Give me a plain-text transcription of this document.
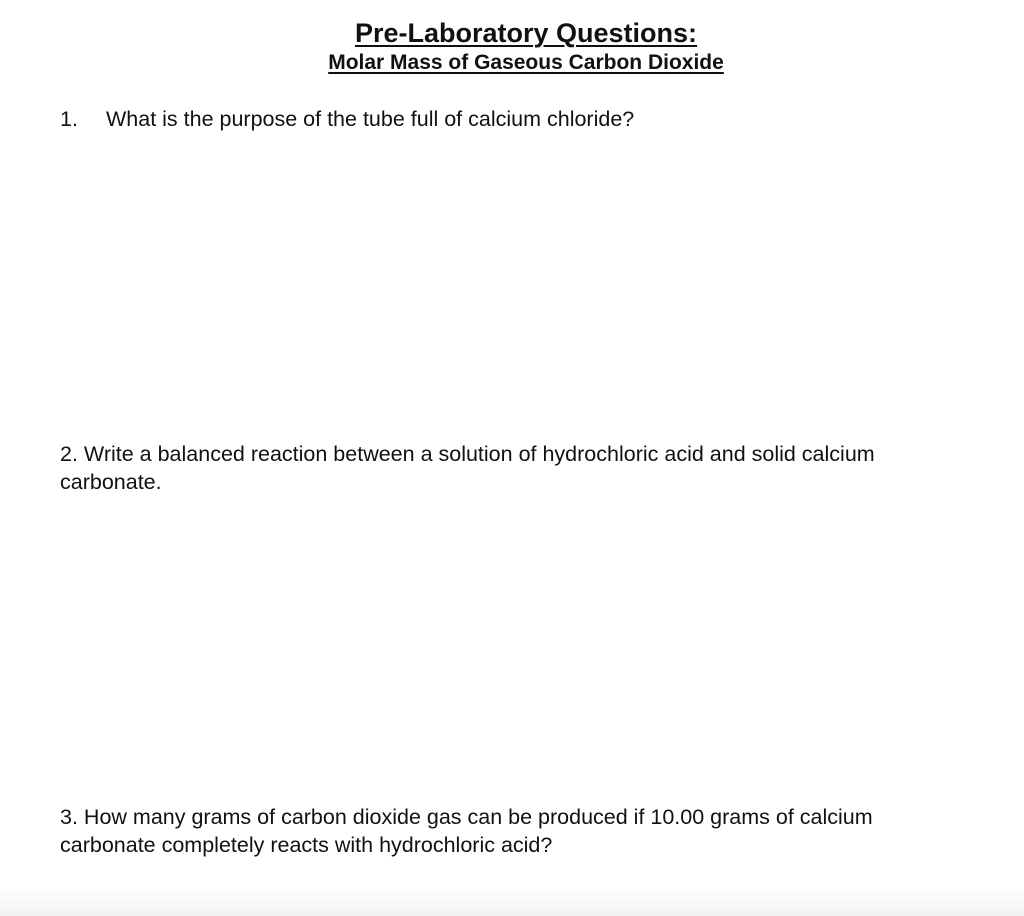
Pre-Laboratory Questions:
Molar Mass of Gaseous Carbon Dioxide
1. What is the purpose of the tube full of calcium chloride?
2. Write a balanced reaction between a solution of hydrochloric acid and solid calcium
carbonate.
3. How many grams of carbon dioxide gas can be produced if 10.00 grams of calcium
carbonate completely reacts with hydrochloric acid?
